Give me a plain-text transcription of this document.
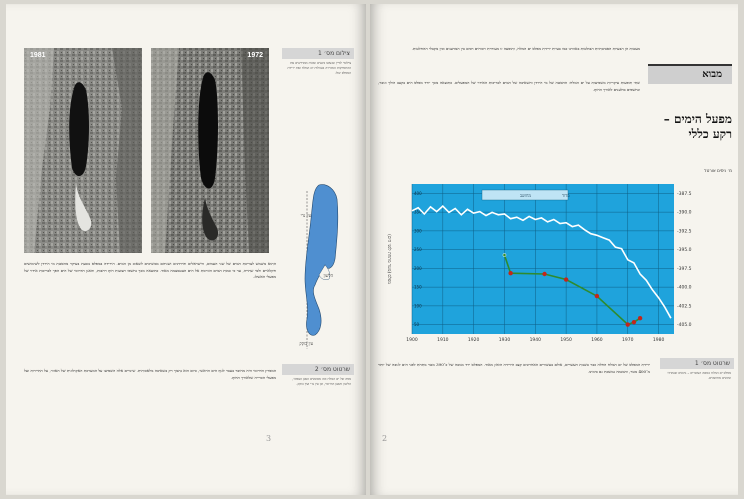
1981	1972	צילום מס׳ 1
צילומי לוויין שנעשו בשנים שונות ממחישים את ההתפרקות המהירה בגבולות ים המלח ואת ירידת המפלס שלו.
עין גדי
הלשון
עין בוקק

התוא משמש לצריכת המים של שני העמים, הישראלים והירדנים ושניהם ממשיכים לשאוב מן המים. הירידה במפלס נובעת בעיקר מהסטת מי הירדן לשימושים חקלאיים ולמי שתייה, עד כי כמות המים הזורמת אל הים הצטמצמה מאוד. כתוצאה מכך נחשפו רצועות חוף רחבות, והאגן הדרומי של הים הפך לבריכות אידוי של מפעלי האשלג.

המפרץ הדרומי היה מחובר בעבר לגוף הים הראשי, כיום הוא נתמך רק בשאיבה מלאכותית. שינויים אלה השפיעו על המערכת האקולוגית של האזור, על התיירות ועל מפעלי הכרייה שלאורך החוף.

שרטוט מס׳ 2
מפה של ים המלח ובה מסומנים האגן הצפוני, הלשון והאגן הדרומי, וכן עין גדי ועין בוקק.
3

מעטות הן הבעיות הסביבתיות הבולטות באזורנו כמו בעיית ירידת מפלס ים המלח, ותופעה זו מעוררת ויכוחים רבים בין המדענים ובין מקבלי ההחלטות.

שתי תופעות עיקריות משפיעות על ים המלח: ההסטה של מי הירדן והשאיבה של המים לבריכות האידוי של המפעלים. כתוצאה מכך יורד מפלס הים בקצב הולך וגובר, ונחשפים בולענים לאורך החוף.

מבוא
מפעל הימים – רקע כללי
מ׳ ניסים אורטל
1900	1910	1920	1930	1940	1950	1960	1970	1980
-387.5
-390.0
-392.5
-395.0
-397.5
-400.0
-402.5
-405.0
400
350
300
250
200
150
100
50
מדוד
מחושב
מפלס (מטר מתחת לפני הים)

ירידת המפלס של ים המלח החלה כבר בשנות העשרים, אולם בעשורים האחרונים קצב הירידה הואץ מאוד. המפלס ירד מגובה של כ־390 מטר מתחת לפני הים לגובה של יותר מ־400 מטר, והמגמה נמשכת גם בימינו.

שרטוט מס׳ 1
מפלס ים המלח במאה העשרים – נתונים שנמדדו ונתונים מחושבים.
2
